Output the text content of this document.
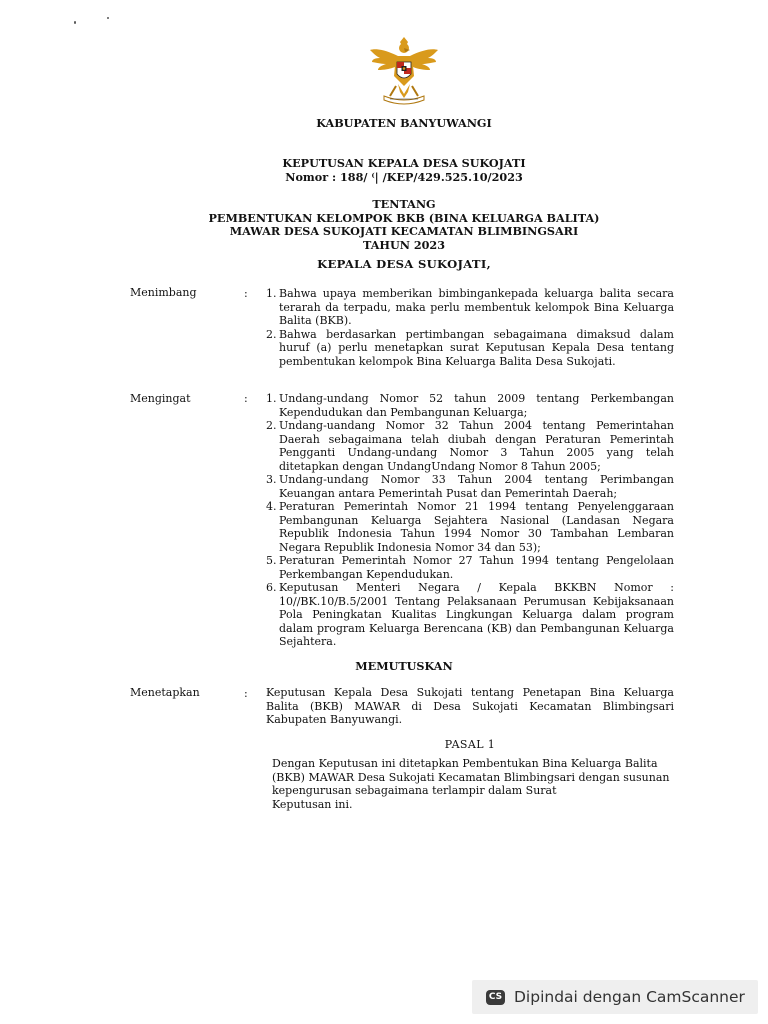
KABUPATEN BANYUWANGI
KEPUTUSAN KEPALA DESA SUKOJATI
Nomor : 188/ ⁽| /KEP/429.525.10/2023
TENTANG
PEMBENTUKAN KELOMPOK BKB (BINA KELUARGA BALITA)
MAWAR DESA SUKOJATI KECAMATAN BLIMBINGSARI
TAHUN 2023
KEPALA DESA SUKOJATI,
Menimbang	: 1. Bahwa upaya memberikan bimbingankepada keluarga balita secara terarah da terpadu, maka perlu membentuk kelompok Bina Keluarga Balita (BKB).
2. Bahwa berdasarkan pertimbangan sebagaimana dimaksud dalam huruf (a) perlu menetapkan surat Keputusan Kepala Desa tentang pembentukan kelompok Bina Keluarga Balita Desa Sukojati.
Mengingat	: 1. Undang-undang Nomor 52 tahun 2009 tentang Perkembangan Kependudukan dan Pembangunan Keluarga;
2. Undang-uandang Nomor 32 Tahun 2004 tentang Pemerintahan Daerah sebagaimana telah diubah dengan Peraturan Pemerintah Pengganti Undang-undang Nomor 3 Tahun 2005 yang telah ditetapkan dengan UndangUndang Nomor 8 Tahun 2005;
3. Undang-undang Nomor 33 Tahun 2004 tentang Perimbangan Keuangan antara Pemerintah Pusat dan Pemerintah Daerah;
4. Peraturan Pemerintah Nomor 21 1994 tentang Penyelenggaraan Pembangunan Keluarga Sejahtera Nasional (Landasan Negara Republik Indonesia Tahun 1994 Nomor 30 Tambahan Lembaran Negara Republik Indonesia Nomor 34 dan 53);
5. Peraturan Pemerintah Nomor 27 Tahun 1994 tentang Pengelolaan Perkembangan Kependudukan.
6. Keputusan Menteri Negara / Kepala BKKBN Nomor : 10//BK.10/B.5/2001 Tentang Pelaksanaan Perumusan Kebijaksanaan Pola Peningkatan Kualitas Lingkungan Keluarga dalam program dalam program Keluarga Berencana (KB) dan Pembangunan Keluarga Sejahtera.
MEMUTUSKAN
Menetapkan	: Keputusan Kepala Desa Sukojati tentang Penetapan Bina Keluarga Balita (BKB) MAWAR di Desa Sukojati Kecamatan Blimbingsari Kabupaten Banyuwangi.
PASAL 1
Dengan Keputusan ini ditetapkan Pembentukan Bina Keluarga Balita (BKB) MAWAR Desa Sukojati Kecamatan Blimbingsari dengan susunan kepengurusan sebagaimana terlampir dalam Surat
Keputusan ini.
CS Dipindai dengan CamScanner
